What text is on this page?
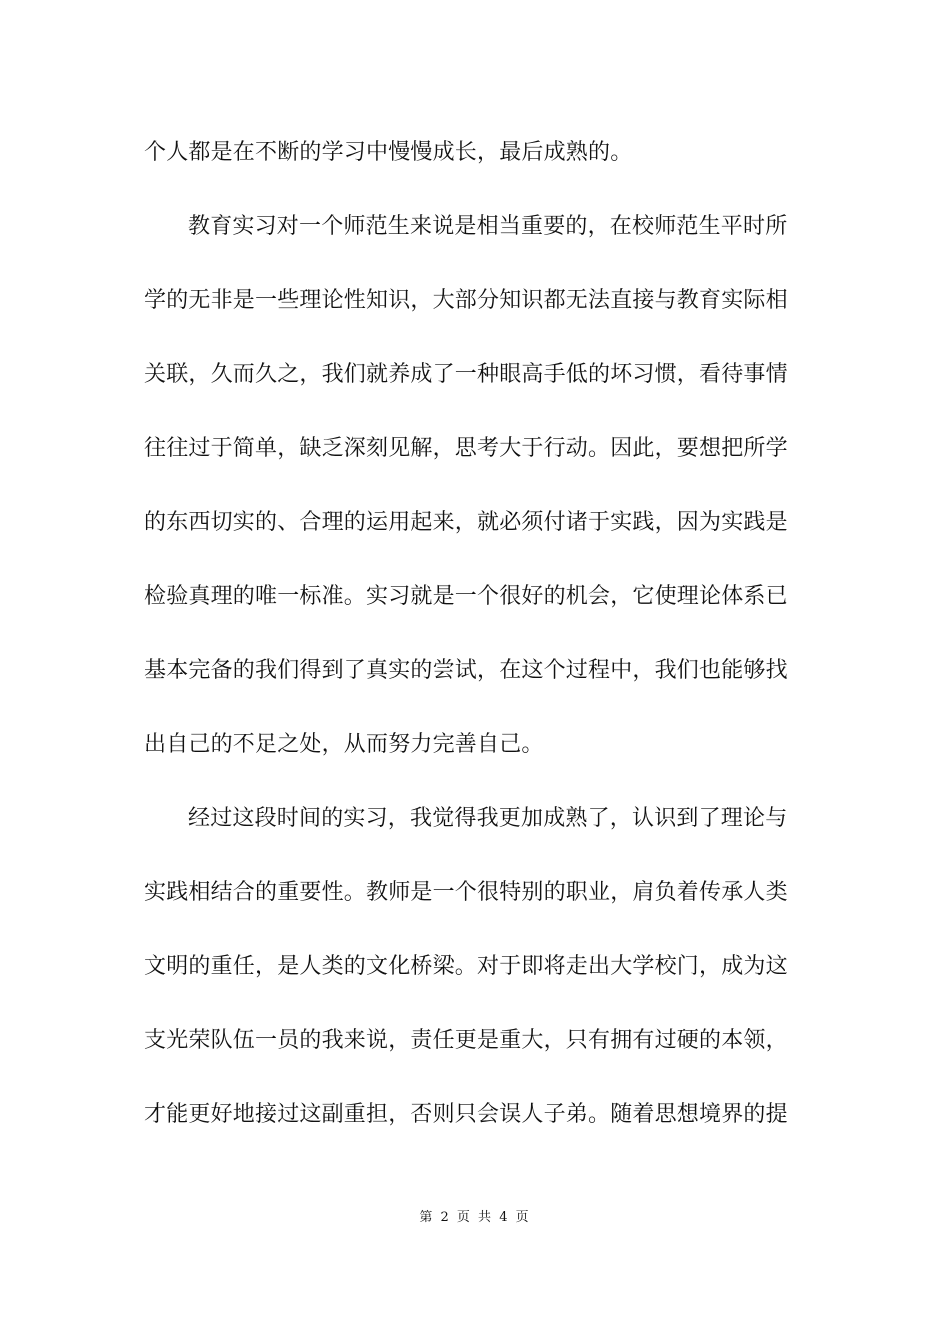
个人都是在不断的学习中慢慢成长，最后成熟的。
教育实习对一个师范生来说是相当重要的，在校师范生平时所
学的无非是一些理论性知识，大部分知识都无法直接与教育实际相
关联，久而久之，我们就养成了一种眼高手低的坏习惯，看待事情
往往过于简单，缺乏深刻见解，思考大于行动。因此，要想把所学
的东西切实的、合理的运用起来，就必须付诸于实践，因为实践是
检验真理的唯一标准。实习就是一个很好的机会，它使理论体系已
基本完备的我们得到了真实的尝试，在这个过程中，我们也能够找
出自己的不足之处，从而努力完善自己。
经过这段时间的实习，我觉得我更加成熟了，认识到了理论与
实践相结合的重要性。教师是一个很特别的职业，肩负着传承人类
文明的重任，是人类的文化桥梁。对于即将走出大学校门，成为这
支光荣队伍一员的我来说，责任更是重大，只有拥有过硬的本领，
才能更好地接过这副重担，否则只会误人子弟。随着思想境界的提
第 2 页 共 4 页
